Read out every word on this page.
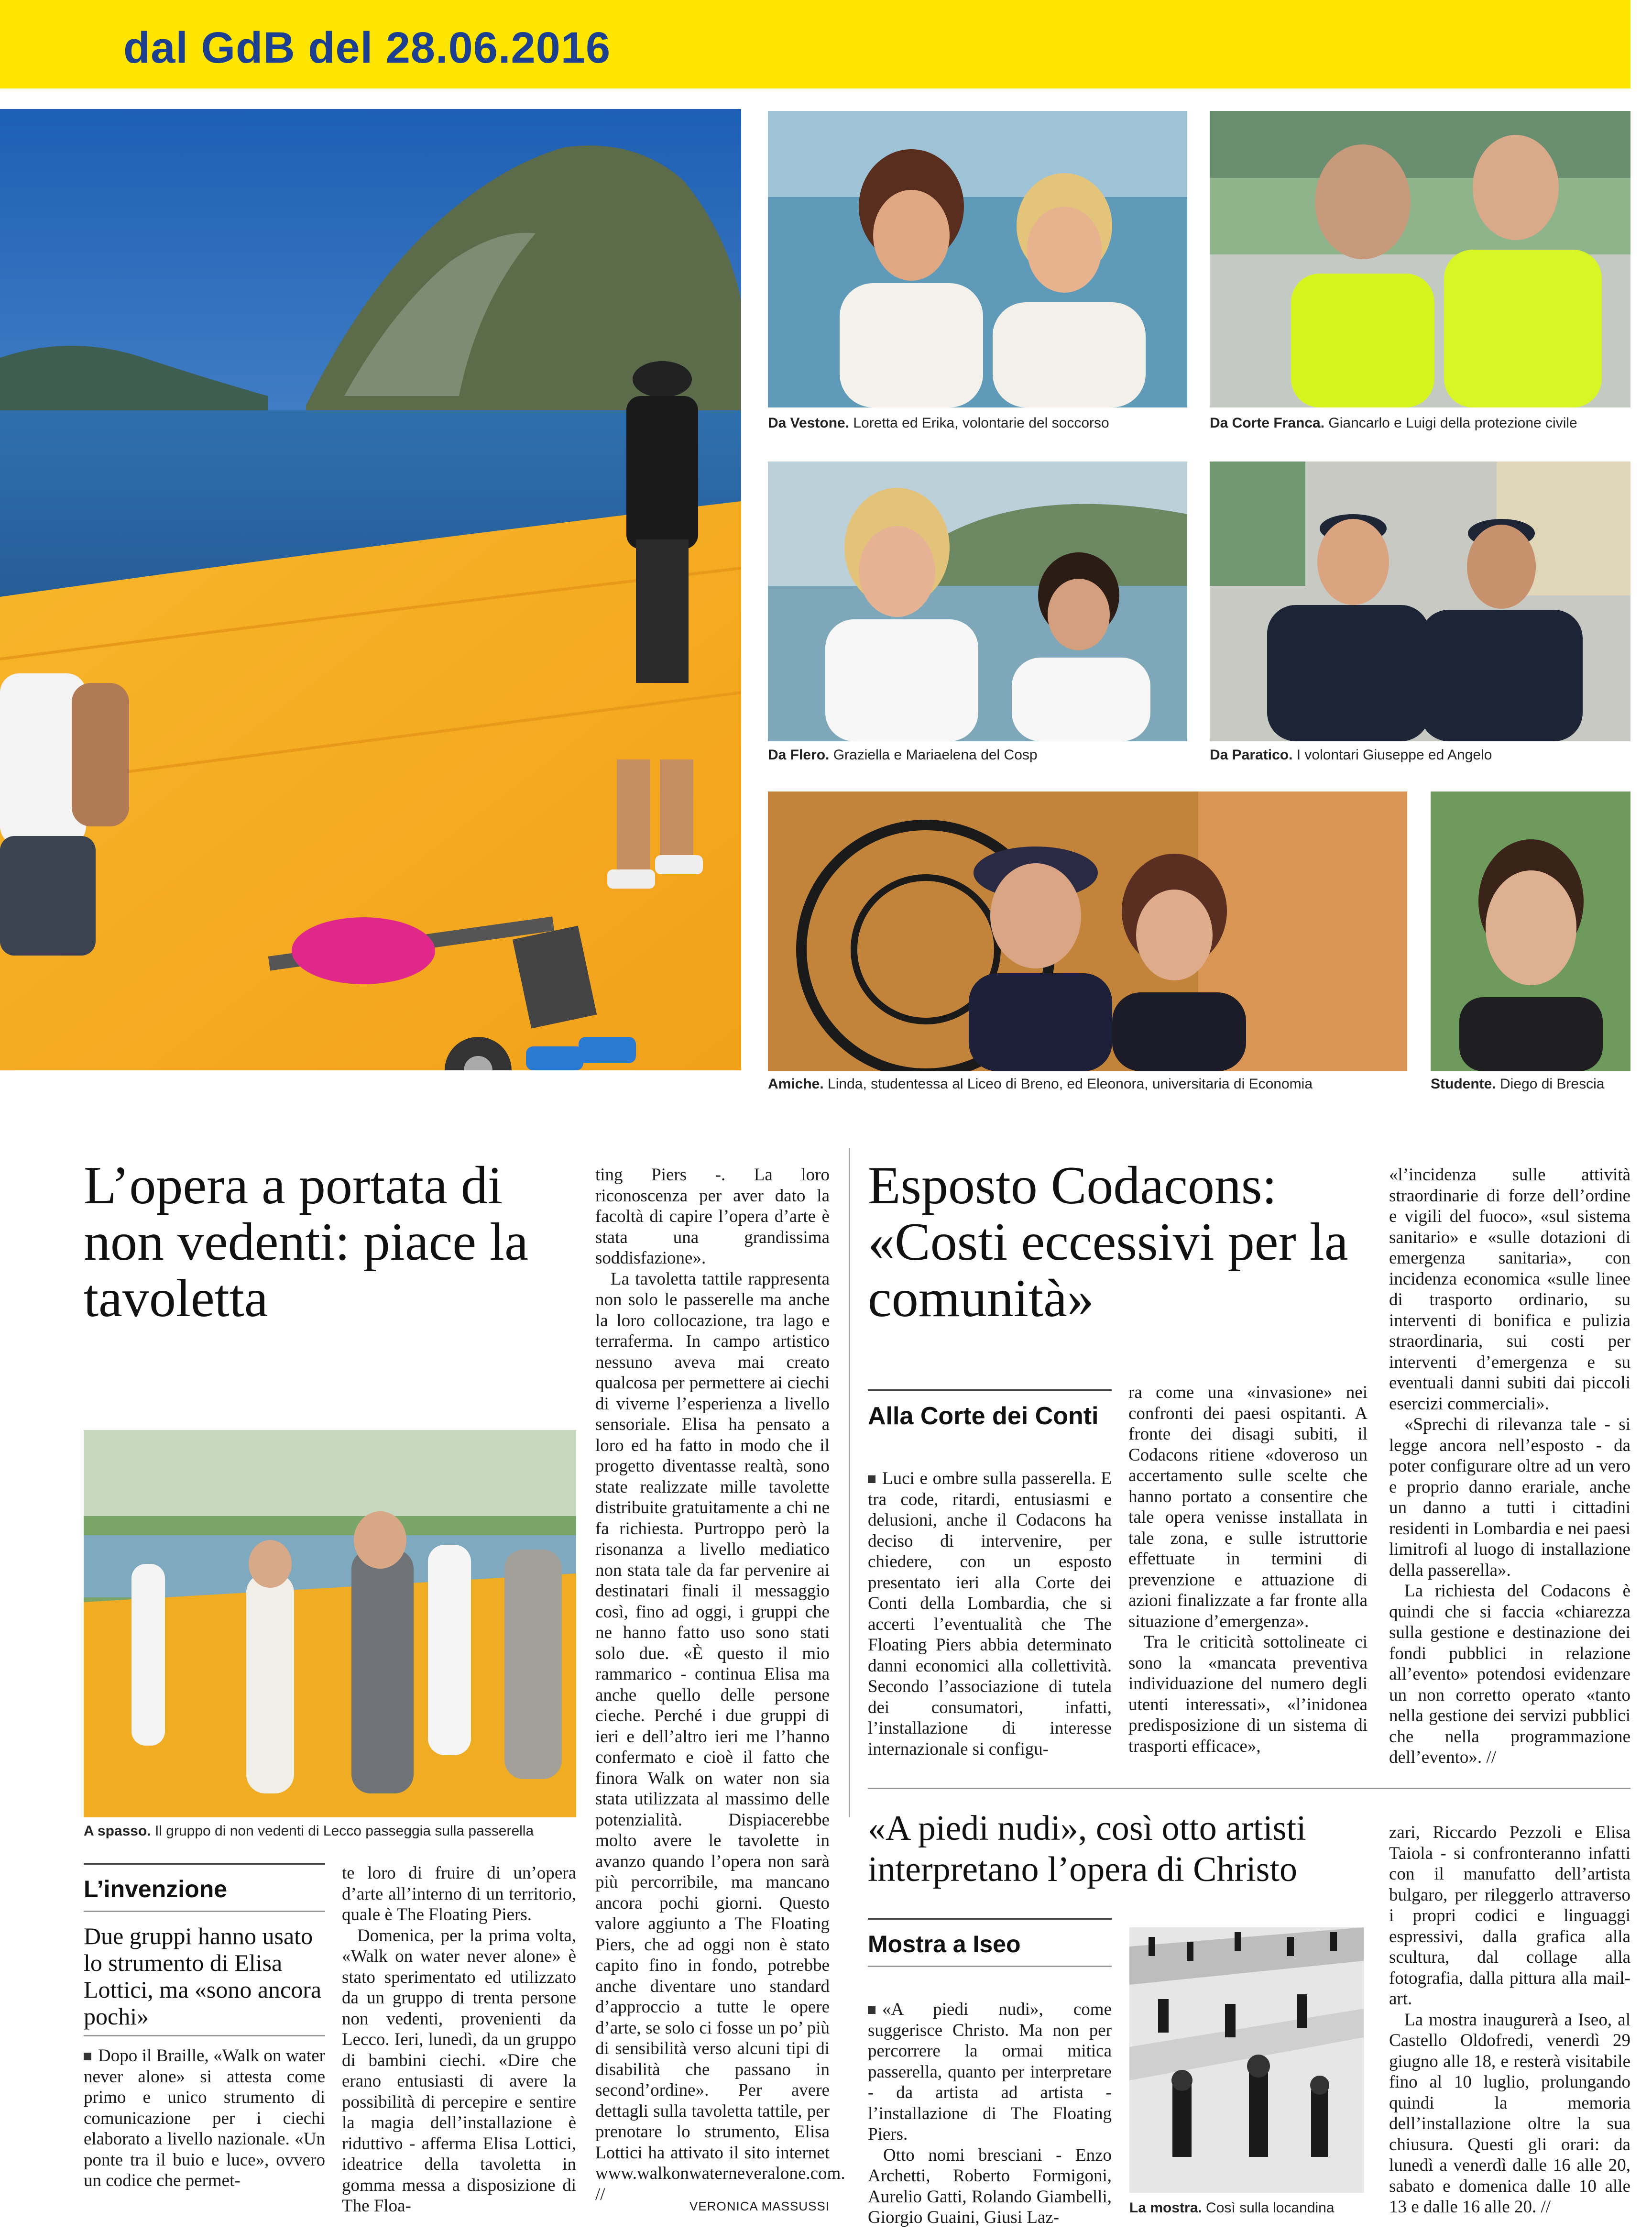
dal GdB del 28.06.2016
Da Vestone. Loretta ed Erika, volontarie del soccorso	Da Corte Franca. Giancarlo e Luigi della protezione civile
Da Flero. Graziella e Mariaelena del Cosp	Da Paratico. I volontari Giuseppe ed Angelo
Amiche. Linda, studentessa al Liceo di Breno, ed Eleonora, universitaria di Economia	Studente. Diego di Brescia
L’opera a portata di non vedenti: piace la tavoletta
A spasso. Il gruppo di non vedenti di Lecco passeggia sulla passerella
L’invenzione
Due gruppi hanno usato lo strumento di Elisa Lottici, ma «sono ancora pochi»

Dopo il Braille, «Walk on water never alone» si attesta come primo e unico strumento di comunicazione per i ciechi elaborato a livello nazionale. «Un ponte tra il buio e luce», ovvero un codice che permet-

te loro di fruire di un’opera d’arte all’interno di un territorio, quale è The Floating Piers.

Domenica, per la prima volta, «Walk on water never alone» è stato sperimentato ed utilizzato da un gruppo di trenta persone non vedenti, provenienti da Lecco. Ieri, lunedì, da un gruppo di bambini ciechi. «Dire che erano entusiasti di avere la possibilità di percepire e sentire la magia dell’installazione è riduttivo - afferma Elisa Lottici, ideatrice della tavoletta in gomma messa a disposizione di The Floa-

ting Piers -. La loro riconoscenza per aver dato la facoltà di capire l’opera d’arte è stata una grandissima soddisfazione».

La tavoletta tattile rappresenta non solo le passerelle ma anche la loro collocazione, tra lago e terraferma. In campo artistico nessuno aveva mai creato qualcosa per permettere ai ciechi di viverne l’esperienza a livello sensoriale. Elisa ha pensato a loro ed ha fatto in modo che il progetto diventasse realtà, sono state realizzate mille tavolette distribuite gratuitamente a chi ne fa richiesta. Purtroppo però la risonanza a livello mediatico non stata tale da far pervenire ai destinatari finali il messaggio così, fino ad oggi, i gruppi che ne hanno fatto uso sono stati solo due. «È questo il mio rammarico - continua Elisa ma anche quello delle persone cieche. Perché i due gruppi di ieri e dell’altro ieri me l’hanno confermato e cioè il fatto che finora Walk on water non sia stata utilizzata al massimo delle potenzialità. Dispiacerebbe molto avere le tavolette in avanzo quando l’opera non sarà più percorribile, ma mancano ancora pochi giorni. Questo valore aggiunto a The Floating Piers, che ad oggi non è stato capito fino in fondo, potrebbe anche diventare uno standard d’approccio a tutte le opere d’arte, se solo ci fosse un po’ più di sensibilità verso alcuni tipi di disabilità che passano in second’ordine». Per avere dettagli sulla tavoletta tattile, per prenotare lo strumento, Elisa Lottici ha attivato il sito internet www.walkonwaterneveralone.com. //

VERONICA MASSUSSI
Esposto Codacons: «Costi eccessivi per la comunità»
Alla Corte dei Conti

Luci e ombre sulla passerella. E tra code, ritardi, entusiasmi e delusioni, anche il Codacons ha deciso di intervenire, per chiedere, con un esposto presentato ieri alla Corte dei Conti della Lombardia, che si accerti l’eventualità che The Floating Piers abbia determinato danni economici alla collettività. Secondo l’associazione di tutela dei consumatori, infatti, l’installazione di interesse internazionale si configu-

ra come una «invasione» nei confronti dei paesi ospitanti. A fronte dei disagi subiti, il Codacons ritiene «doveroso un accertamento sulle scelte che hanno portato a consentire che tale opera venisse installata in tale zona, e sulle istruttorie effettuate in termini di prevenzione e attuazione di azioni finalizzate a far fronte alla situazione d’emergenza».

Tra le criticità sottolineate ci sono la «mancata preventiva individuazione del numero degli utenti interessati», «l’inidonea predisposizione di un sistema di trasporti efficace»,

«l’incidenza sulle attività straordinarie di forze dell’ordine e vigili del fuoco», «sul sistema sanitario» e «sulle dotazioni di emergenza sanitaria», con incidenza economica «sulle linee di trasporto ordinario, su interventi di bonifica e pulizia straordinaria, sui costi per interventi d’emergenza e su eventuali danni subiti dai piccoli esercizi commerciali».

«Sprechi di rilevanza tale - si legge ancora nell’esposto - da poter configurare oltre ad un vero e proprio danno erariale, anche un danno a tutti i cittadini residenti in Lombardia e nei paesi limitrofi al luogo di installazione della passerella».

La richiesta del Codacons è quindi che si faccia «chiarezza sulla gestione e destinazione dei fondi pubblici in relazione all’evento» potendosi evidenzare un non corretto operato «tanto nella gestione dei servizi pubblici che nella programmazione dell’evento». //

«A piedi nudi», così otto artisti interpretano l’opera di Christo
Mostra a Iseo

«A piedi nudi», come suggerisce Christo. Ma non per percorrere la ormai mitica passerella, quanto per interpretare - da artista ad artista - l’installazione di The Floating Piers.

Otto nomi bresciani - Enzo Archetti, Roberto Formigoni, Aurelio Gatti, Rolando Giambelli, Giorgio Guaini, Giusi Laz-	La mostra. Così sulla locandina

zari, Riccardo Pezzoli e Elisa Taiola - si confronteranno infatti con il manufatto dell’artista bulgaro, per rileggerlo attraverso i propri codici e linguaggi espressivi, dalla grafica alla scultura, dal collage alla fotografia, dalla pittura alla mail-art.

La mostra inaugurerà a Iseo, al Castello Oldofredi, venerdì 29 giugno alle 18, e resterà visitabile fino al 10 luglio, prolungando quindi la memoria dell’installazione oltre la sua chiusura. Questi gli orari: da lunedì a venerdì dalle 16 alle 20, sabato e domenica dalle 10 alle 13 e dalle 16 alle 20. //
